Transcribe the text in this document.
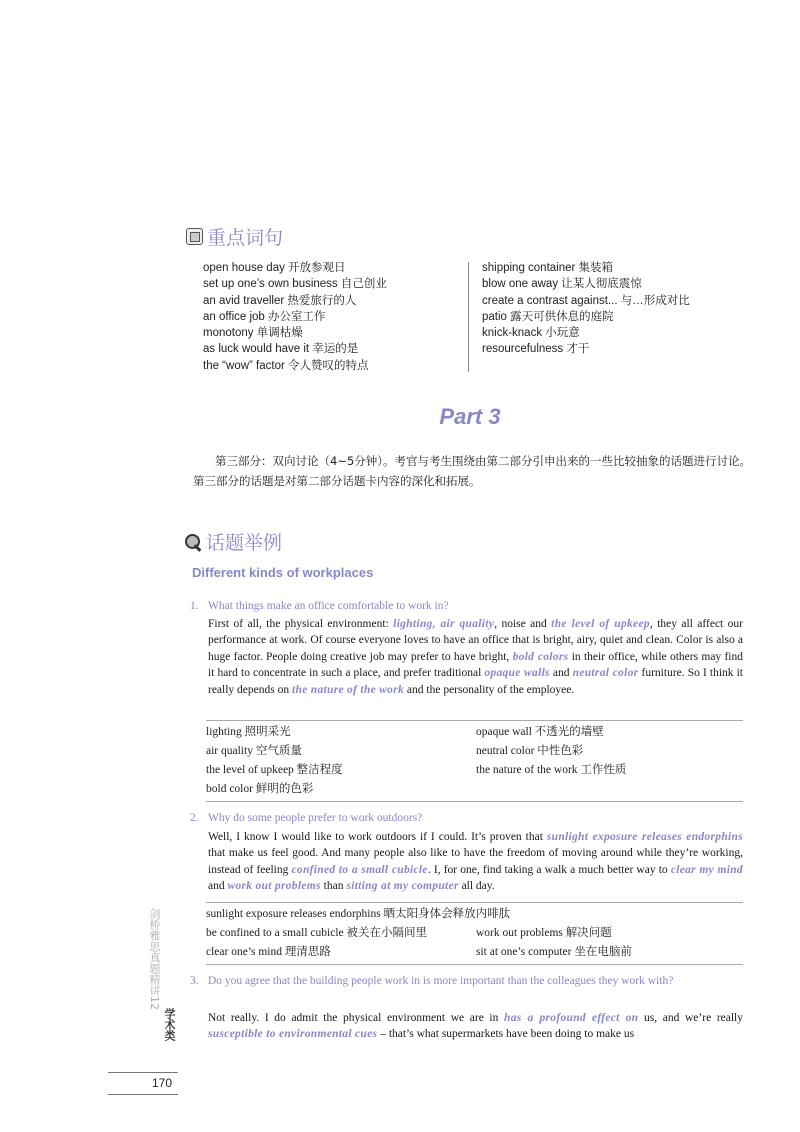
重点词句
open house day 开放参观日
set up one’s own business 自己创业
an avid traveller 热爱旅行的人
an office job 办公室工作
monotony 单调枯燥
as luck would have it 幸运的是
the “wow” factor 令人赞叹的特点
shipping container 集装箱
blow one away 让某人彻底震惊
create a contrast against... 与…形成对比
patio 露天可供休息的庭院
knick-knack 小玩意
resourcefulness 才干
Part 3
第三部分：双向讨论（4~5分钟）。考官与考生围绕由第二部分引申出来的一些比较抽象的话题进行讨论。
第三部分的话题是对第二部分话题卡内容的深化和拓展。
话题举例
Different kinds of workplaces
1. What things make an office comfortable to work in?
First of all, the physical environment: lighting, air quality, noise and the level of upkeep, they all affect our performance at work. Of course everyone loves to have an office that is bright, airy, quiet and clean. Color is also a huge factor. People doing creative job may prefer to have bright, bold colors in their office, while others may find it hard to concentrate in such a place, and prefer traditional opaque walls and neutral color furniture. So I think it really depends on the nature of the work and the personality of the employee.
lighting 照明采光	opaque wall 不透光的墙壁
air quality 空气质量	neutral color 中性色彩
the level of upkeep 整洁程度	the nature of the work 工作性质
bold color 鲜明的色彩
2. Why do some people prefer to work outdoors?
Well, I know I would like to work outdoors if I could. It’s proven that sunlight exposure releases endorphins that make us feel good. And many people also like to have the freedom of moving around while they’re working, instead of feeling confined to a small cubicle. I, for one, find taking a walk a much better way to clear my mind and work out problems than sitting at my computer all day.
sunlight exposure releases endorphins 晒太阳身体会释放内啡肽
be confined to a small cubicle 被关在小隔间里	work out problems 解决问题
clear one’s mind 理清思路	sit at one’s computer 坐在电脑前
3. Do you agree that the building people work in is more important than the colleagues they work with?
Not really. I do admit the physical environment we are in has a profound effect on us, and we’re really susceptible to environmental cues – that’s what supermarkets have been doing to make us
剑桥雅思真题精讲12
学术类
170
